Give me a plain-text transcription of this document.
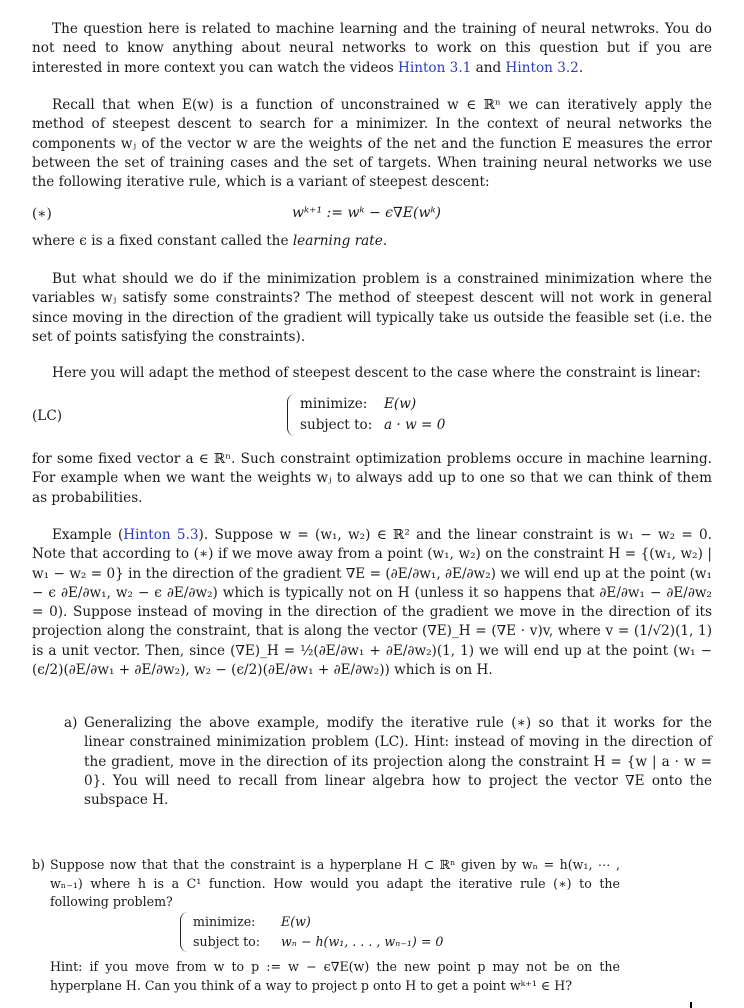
The question here is related to machine learning and the training of neural netwroks. You do not need to know anything about neural networks to work on this question but if you are interested in more context you can watch the videos Hinton 3.1 and Hinton 3.2.

Recall that when E(w) is a function of unconstrained w ∈ ℝⁿ we can iteratively apply the method of steepest descent to search for a minimizer. In the context of neural networks the components wⱼ of the vector w are the weights of the net and the function E measures the error between the set of training cases and the set of targets. When training neural networks we use the following iterative rule, which is a variant of steepest descent:

(∗)	wᵏ⁺¹ := wᵏ − ϵ∇E(wᵏ)

where ϵ is a fixed constant called the learning rate.

But what should we do if the minimization problem is a constrained minimization where the variables wⱼ satisfy some constraints? The method of steepest descent will not work in general since moving in the direction of the gradient will typically take us outside the feasible set (i.e. the set of points satisfying the constraints).

Here you will adapt the method of steepest descent to the case where the constraint is linear:

(LC)
minimize: E(w)
subject to: a · w = 0

for some fixed vector a ∈ ℝⁿ. Such constraint optimization problems occure in machine learning. For example when we want the weights wⱼ to always add up to one so that we can think of them as probabilities.

Example (Hinton 5.3). Suppose w = (w₁, w₂) ∈ ℝ² and the linear constraint is w₁ − w₂ = 0. Note that according to (∗) if we move away from a point (w₁, w₂) on the constraint H = {(w₁, w₂) | w₁ − w₂ = 0} in the direction of the gradient ∇E = (∂E/∂w₁, ∂E/∂w₂) we will end up at the point (w₁ − ϵ ∂E/∂w₁, w₂ − ϵ ∂E/∂w₂) which is typically not on H (unless it so happens that ∂E/∂w₁ − ∂E/∂w₂ = 0). Suppose instead of moving in the direction of the gradient we move in the direction of its projection along the constraint, that is along the vector (∇E)_H = (∇E · v)v, where v = (1/√2)(1, 1) is a unit vector. Then, since (∇E)_H = ½(∂E/∂w₁ + ∂E/∂w₂)(1, 1) we will end up at the point (w₁ − (ϵ/2)(∂E/∂w₁ + ∂E/∂w₂), w₂ − (ϵ/2)(∂E/∂w₁ + ∂E/∂w₂)) which is on H.

a) Generalizing the above example, modify the iterative rule (∗) so that it works for the linear constrained minimization problem (LC). Hint: instead of moving in the direction of the gradient, move in the direction of its projection along the constraint H = {w | a · w = 0}. You will need to recall from linear algebra how to project the vector ∇E onto the subspace H.
b) Suppose now that that the constraint is a hyperplane H ⊂ ℝⁿ given by wₙ = h(w₁, ⋯ , wₙ₋₁) where h is a C¹ function. How would you adapt the iterative rule (∗) to the following problem?
minimize: E(w)
subject to: wₙ − h(w₁, . . . , wₙ₋₁) = 0

Hint: if you move from w to p := w − ϵ∇E(w) the new point p may not be on the hyperplane H. Can you think of a way to project p onto H to get a point wᵏ⁺¹ ∈ H?
